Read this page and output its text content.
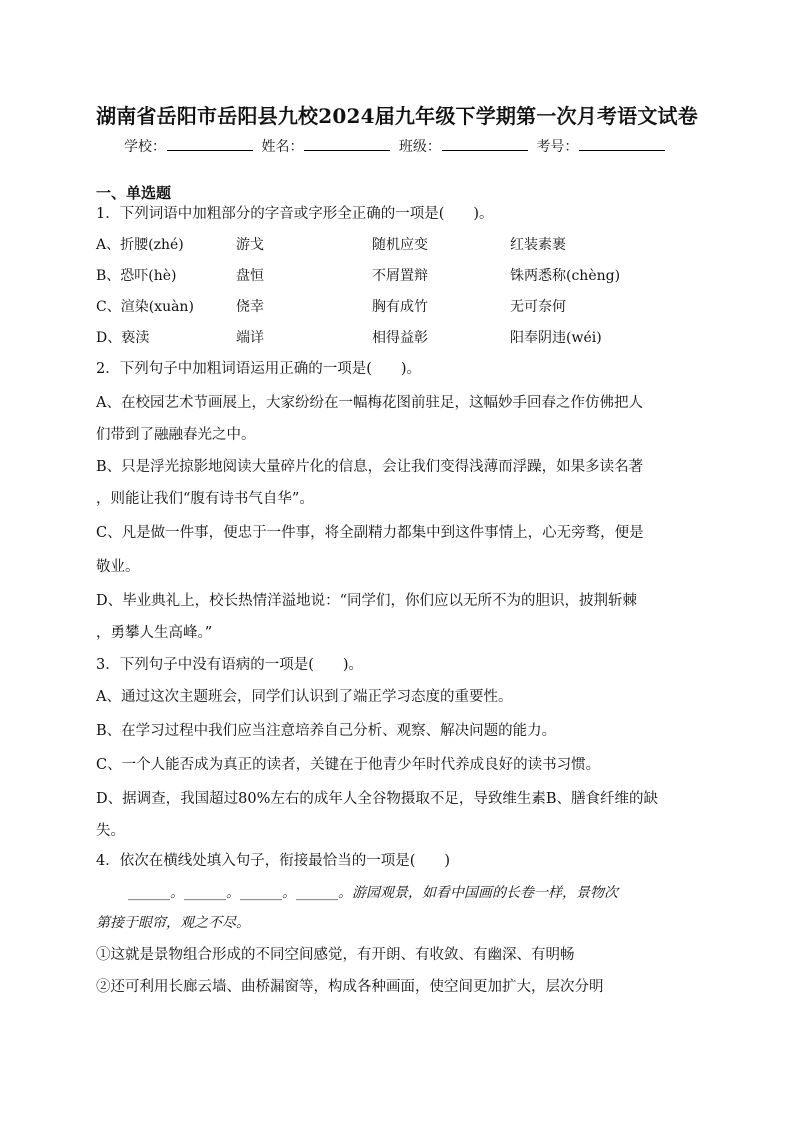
湖南省岳阳市岳阳县九校2024届九年级下学期第一次月考语文试卷
学校：	姓名：	班级：	考号：
一、单选题
1．下列词语中加粗部分的字音或字形全正确的一项是(　　)。
A、折腰(zhé)	游戈	随机应变	红装素裹
B、恐吓(hè)	盘恒	不屑置辩	铢两悉称(chèng)
C、渲染(xuàn)	侥幸	胸有成竹	无可奈何
D、亵渎	端详	相得益彰	阳奉阴违(wéi)
2．下列句子中加粗词语运用正确的一项是(　　)。
A、在校园艺术节画展上，大家纷纷在一幅梅花图前驻足，这幅妙手回春之作仿佛把人
们带到了融融春光之中。
B、只是浮光掠影地阅读大量碎片化的信息，会让我们变得浅薄而浮躁，如果多读名著
，则能让我们“腹有诗书气自华”。
C、凡是做一件事，便忠于一件事，将全副精力都集中到这件事情上，心无旁骛，便是
敬业。
D、毕业典礼上，校长热情洋溢地说：“同学们，你们应以无所不为的胆识，披荆斩棘
，勇攀人生高峰。”
3．下列句子中没有语病的一项是(　　)。
A、通过这次主题班会，同学们认识到了端正学习态度的重要性。
B、在学习过程中我们应当注意培养自己分析、观察、解决问题的能力。
C、一个人能否成为真正的读者，关键在于他青少年时代养成良好的读书习惯。
D、据调查，我国超过80%左右的成年人全谷物摄取不足，导致维生素B、膳食纤维的缺
失。
4．依次在横线处填入句子，衔接最恰当的一项是(　　)
______。______。______。______。游园观景，如看中国画的长卷一样，景物次
第接于眼帘，观之不尽。
①这就是景物组合形成的不同空间感觉，有开朗、有收敛、有幽深、有明畅
②还可利用长廊云墙、曲桥漏窗等，构成各种画面，使空间更加扩大，层次分明
